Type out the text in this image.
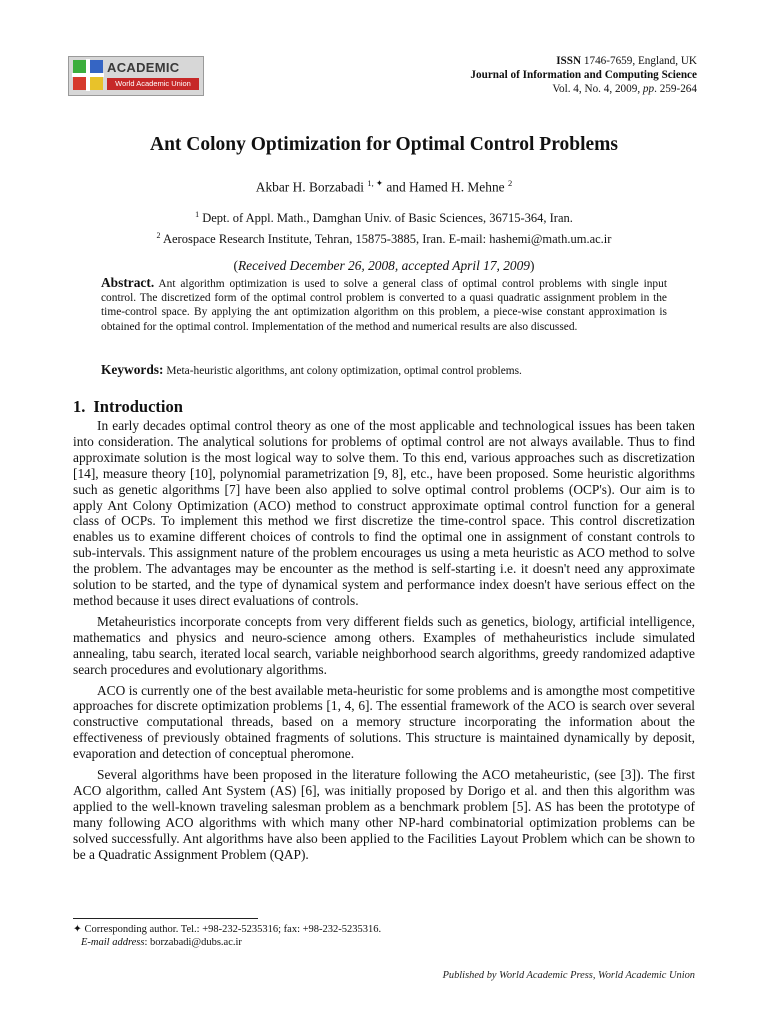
ACADEMIC
World Academic Union
ISSN 1746-7659, England, UK
Journal of Information and Computing Science
Vol. 4, No. 4, 2009, pp. 259-264
Ant Colony Optimization for Optimal Control Problems
Akbar H. Borzabadi $^{1, ✦}$ and Hamed H. Mehne $^2$
$^1$ Dept. of Appl. Math., Damghan Univ. of Basic Sciences, 36715-364, Iran.
$^2$ Aerospace Research Institute, Tehran, 15875-3885, Iran. E-mail: hashemi@math.um.ac.ir
(Received December 26, 2008, accepted April 17, 2009)
Abstract. Ant algorithm optimization is used to solve a general class of optimal control problems with single input control. The discretized form of the optimal control problem is converted to a quasi quadratic assignment problem in the time-control space. By applying the ant optimization algorithm on this problem, a piece-wise constant approximation is obtained for the optimal control. Implementation of the method and numerical results are also discussed.
Keywords: Meta-heuristic algorithms, ant colony optimization, optimal control problems.
1. Introduction

In early decades optimal control theory as one of the most applicable and technological issues has been taken into consideration. The analytical solutions for problems of optimal control are not always available. Thus to find approximate solution is the most logical way to solve them. To this end, various approaches such as discretization [14], measure theory [10], polynomial parametrization [9, 8], etc., have been proposed. Some heuristic algorithms such as genetic algorithms [7] have been also applied to solve optimal control problems (OCP's). Our aim is to apply Ant Colony Optimization (ACO) method to construct approximate optimal control function for a general class of OCPs. To implement this method we first discretize the time-control space. This control discretization enables us to examine different choices of controls to find the optimal one in assignment of constant controls to sub-intervals. This assignment nature of the problem encourages us using a meta heuristic as ACO method to solve the problem. The advantages may be encounter as the method is self-starting i.e. it doesn't need any approximate solution to be started, and the type of dynamical system and performance index doesn't have serious effect on the method because it uses direct evaluations of controls.

Metaheuristics incorporate concepts from very different fields such as genetics, biology, artificial intelligence, mathematics and physics and neuro-science among others. Examples of methaheuristics include simulated annealing, tabu search, iterated local search, variable neighborhood search algorithms, greedy randomized adaptive search procedures and evolutionary algorithms.

ACO is currently one of the best available meta-heuristic for some problems and is amongthe most competitive approaches for discrete optimization problems [1, 4, 6]. The essential framework of the ACO is search over several constructive computational threads, based on a memory structure incorporating the information about the effectiveness of previously obtained fragments of solutions. This structure is maintained dynamically by deposit, evaporation and detection of conceptual pheromone.

Several algorithms have been proposed in the literature following the ACO metaheuristic, (see [3]). The first ACO algorithm, called Ant System (AS) [6], was initially proposed by Dorigo et al. and then this algorithm was applied to the well-known traveling salesman problem as a benchmark problem [5]. AS has been the prototype of many following ACO algorithms with which many other NP-hard combinatorial optimization problems can be solved successfully. Ant algorithms have also been applied to the Facilities Layout Problem which can be shown to be a Quadratic Assignment Problem (QAP).

✦ Corresponding author. Tel.: +98-232-5235316; fax: +98-232-5235316.
E-mail address: borzabadi@dubs.ac.ir
Published by World Academic Press, World Academic Union
